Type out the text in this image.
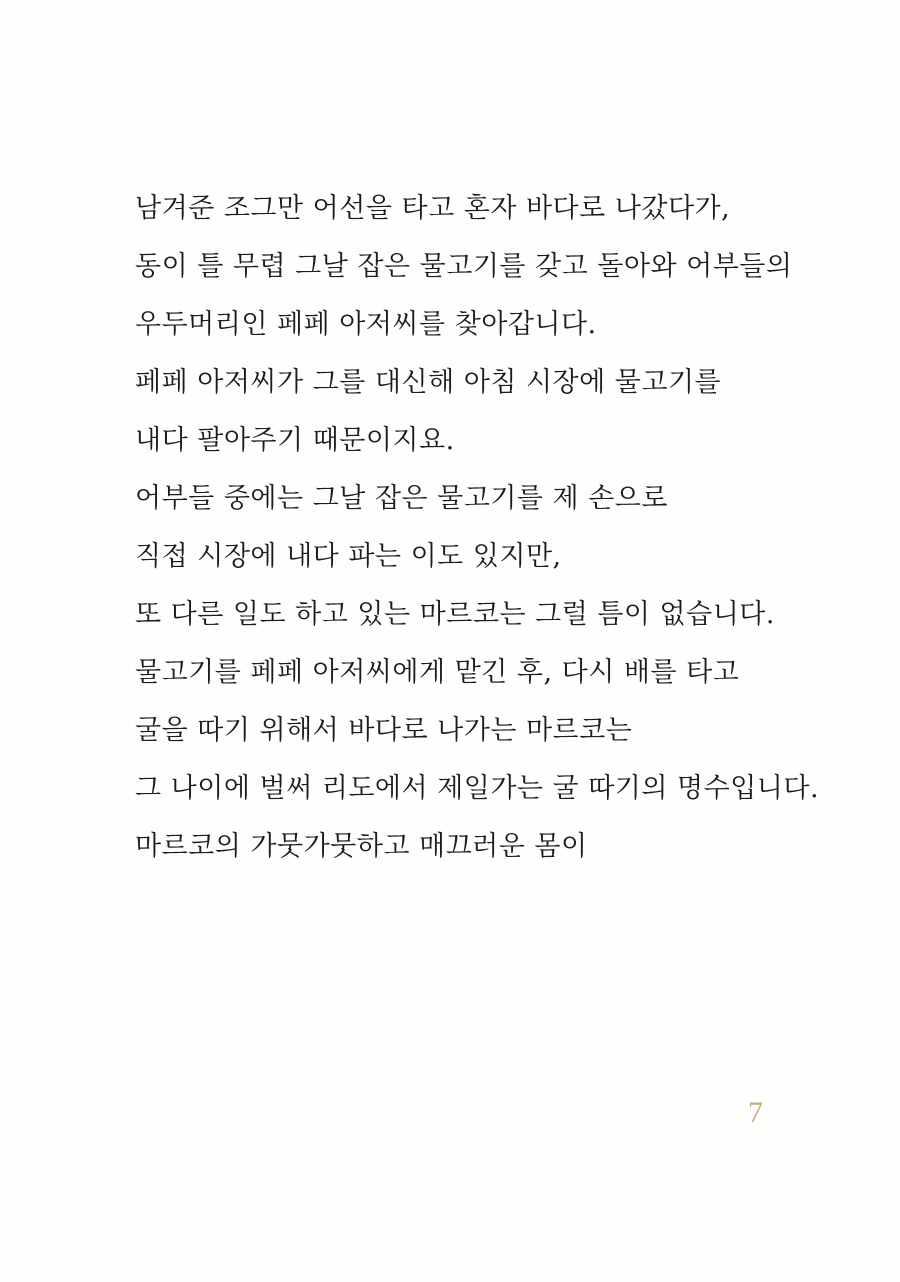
남겨준 조그만 어선을 타고 혼자 바다로 나갔다가,

동이 틀 무렵 그날 잡은 물고기를 갖고 돌아와 어부들의

우두머리인 페페 아저씨를 찾아갑니다.

페페 아저씨가 그를 대신해 아침 시장에 물고기를

내다 팔아주기 때문이지요.

어부들 중에는 그날 잡은 물고기를 제 손으로

직접 시장에 내다 파는 이도 있지만,

또 다른 일도 하고 있는 마르코는 그럴 틈이 없습니다.

물고기를 페페 아저씨에게 맡긴 후, 다시 배를 타고

굴을 따기 위해서 바다로 나가는 마르코는

그 나이에 벌써 리도에서 제일가는 굴 따기의 명수입니다.

마르코의 가뭇가뭇하고 매끄러운 몸이

7
